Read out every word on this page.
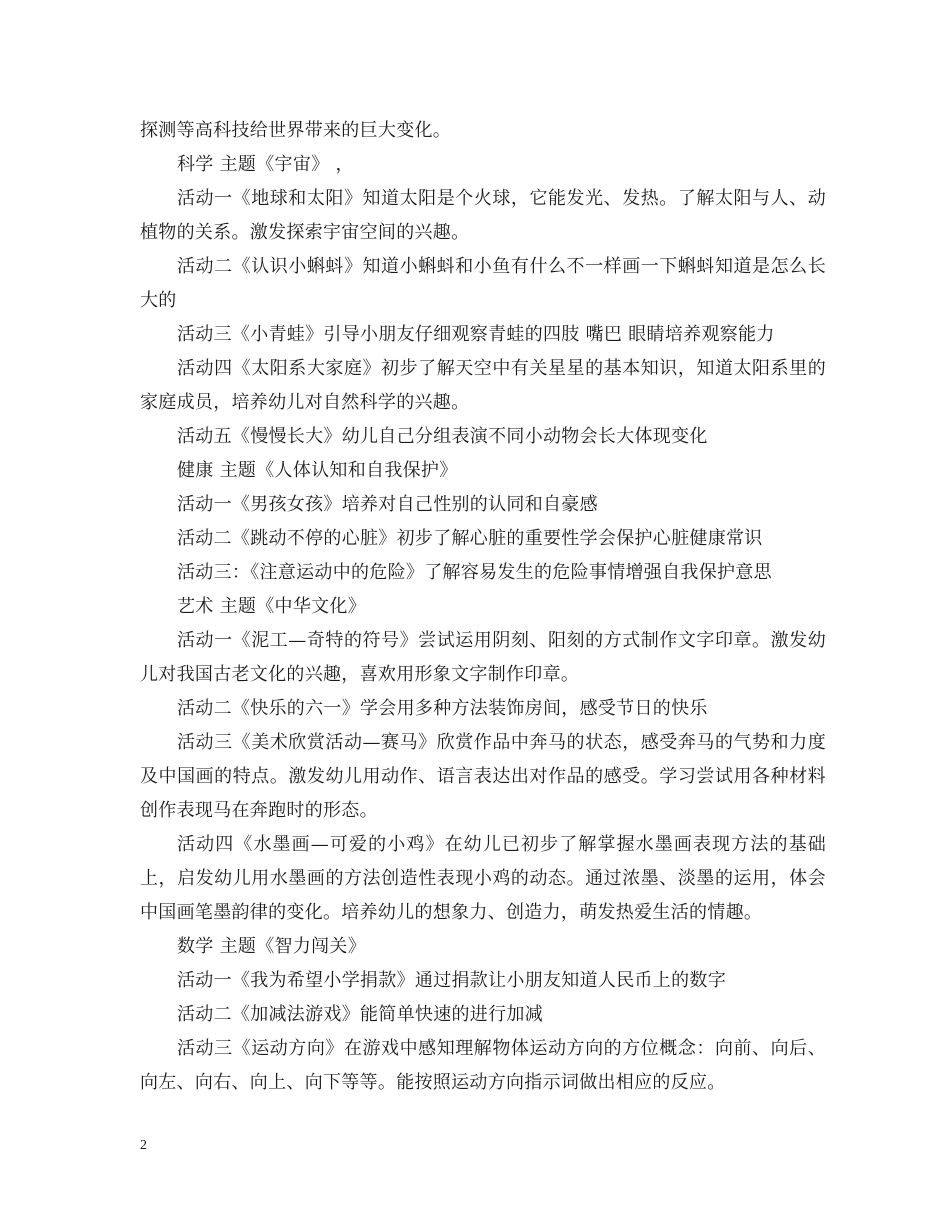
探测等高科技给世界带来的巨大变化。

科学 主题《宇宙》 ，

活动一《地球和太阳》知道太阳是个火球，它能发光、发热。了解太阳与人、动植物的关系。激发探索宇宙空间的兴趣。

活动二《认识小蝌蚪》知道小蝌蚪和小鱼有什么不一样画一下蝌蚪知道是怎么长大的

活动三《小青蛙》引导小朋友仔细观察青蛙的四肢 嘴巴 眼睛培养观察能力

活动四《太阳系大家庭》初步了解天空中有关星星的基本知识，知道太阳系里的家庭成员，培养幼儿对自然科学的兴趣。

活动五《慢慢长大》幼儿自己分组表演不同小动物会长大体现变化

健康 主题《人体认知和自我保护》

活动一《男孩女孩》培养对自己性别的认同和自豪感

活动二《跳动不停的心脏》初步了解心脏的重要性学会保护心脏健康常识

活动三：《注意运动中的危险》了解容易发生的危险事情增强自我保护意思

艺术 主题《中华文化》

活动一《泥工—奇特的符号》尝试运用阴刻、阳刻的方式制作文字印章。激发幼儿对我国古老文化的兴趣，喜欢用形象文字制作印章。

活动二《快乐的六一》学会用多种方法装饰房间，感受节日的快乐

活动三《美术欣赏活动—赛马》欣赏作品中奔马的状态，感受奔马的气势和力度及中国画的特点。激发幼儿用动作、语言表达出对作品的感受。学习尝试用各种材料创作表现马在奔跑时的形态。

活动四《水墨画—可爱的小鸡》在幼儿已初步了解掌握水墨画表现方法的基础上，启发幼儿用水墨画的方法创造性表现小鸡的动态。通过浓墨、淡墨的运用，体会中国画笔墨韵律的变化。培养幼儿的想象力、创造力，萌发热爱生活的情趣。

数学 主题《智力闯关》

活动一《我为希望小学捐款》通过捐款让小朋友知道人民币上的数字

活动二《加减法游戏》能简单快速的进行加减

活动三《运动方向》在游戏中感知理解物体运动方向的方位概念：向前、向后、向左、向右、向上、向下等等。能按照运动方向指示词做出相应的反应。

2
